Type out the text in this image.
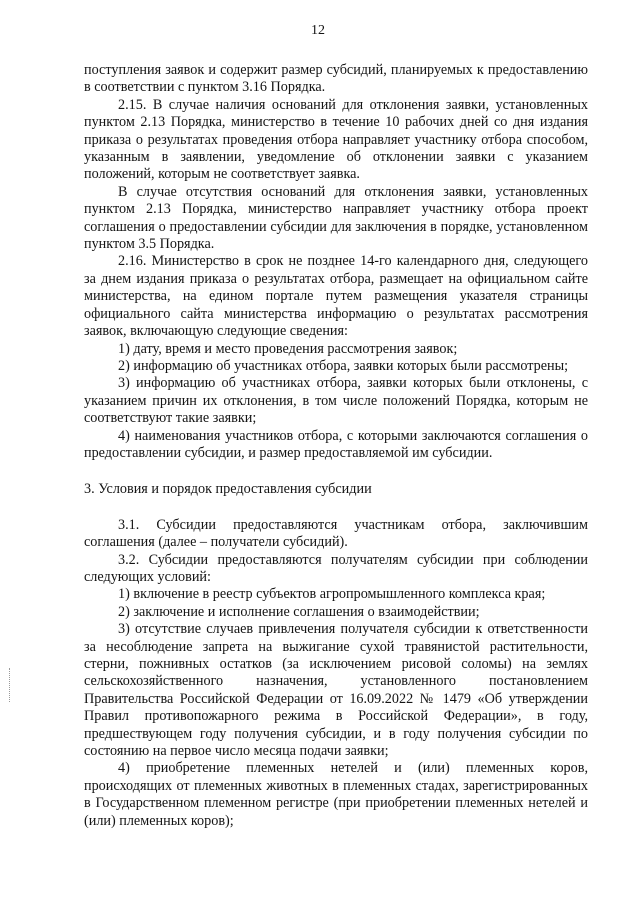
12

поступления заявок и содержит размер субсидий, планируемых к предоставлению в соответствии с пунктом 3.16 Порядка.

2.15. В случае наличия оснований для отклонения заявки, установленных пунктом 2.13 Порядка, министерство в течение 10 рабочих дней со дня издания приказа о результатах проведения отбора направляет участнику отбора способом, указанным в заявлении, уведомление об отклонении заявки с указанием положений, которым не соответствует заявка.

В случае отсутствия оснований для отклонения заявки, установленных пунктом 2.13 Порядка, министерство направляет участнику отбора проект соглашения о предоставлении субсидии для заключения в порядке, установленном пунктом 3.5 Порядка.

2.16. Министерство в срок не позднее 14-го календарного дня, следующего за днем издания приказа о результатах отбора, размещает на официальном сайте министерства, на едином портале путем размещения указателя страницы официального сайта министерства информацию о результатах рассмотрения заявок, включающую следующие сведения:

1) дату, время и место проведения рассмотрения заявок;

2) информацию об участниках отбора, заявки которых были рассмотрены;

3) информацию об участниках отбора, заявки которых были отклонены, с указанием причин их отклонения, в том числе положений Порядка, которым не соответствуют такие заявки;

4) наименования участников отбора, с которыми заключаются соглашения о предоставлении субсидии, и размер предоставляемой им субсидии.

3. Условия и порядок предоставления субсидии

3.1. Субсидии предоставляются участникам отбора, заключившим соглашения (далее – получатели субсидий).

3.2. Субсидии предоставляются получателям субсидии при соблюдении следующих условий:

1) включение в реестр субъектов агропромышленного комплекса края;

2) заключение и исполнение соглашения о взаимодействии;

3) отсутствие случаев привлечения получателя субсидии к ответственности за несоблюдение запрета на выжигание сухой травянистой растительности, стерни, пожнивных остатков (за исключением рисовой соломы) на землях сельскохозяйственного назначения, установленного постановлением Правительства Российской Федерации от 16.09.2022 № 1479 «Об утверждении Правил противопожарного режима в Российской Федерации», в году, предшествующем году получения субсидии, и в году получения субсидии по состоянию на первое число месяца подачи заявки;

4) приобретение племенных нетелей и (или) племенных коров, происходящих от племенных животных в племенных стадах, зарегистрированных в Государственном племенном регистре (при приобретении племенных нетелей и (или) племенных коров);
